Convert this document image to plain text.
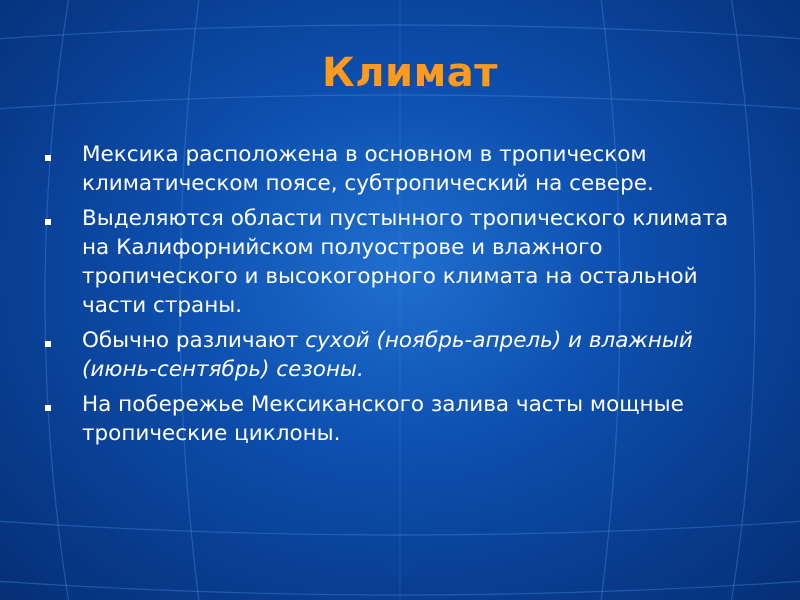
Климат
Мексика расположена в основном в тропическом климатическом поясе, субтропический на севере.
Выделяются области пустынного тропического климата на Калифорнийском полуострове и влажного тропического и высокогорного климата на остальной части страны.
Обычно различают сухой (ноябрь-апрель) и влажный (июнь-сентябрь) сезоны.
На побережье Мексиканского залива часты мощные тропические циклоны.
